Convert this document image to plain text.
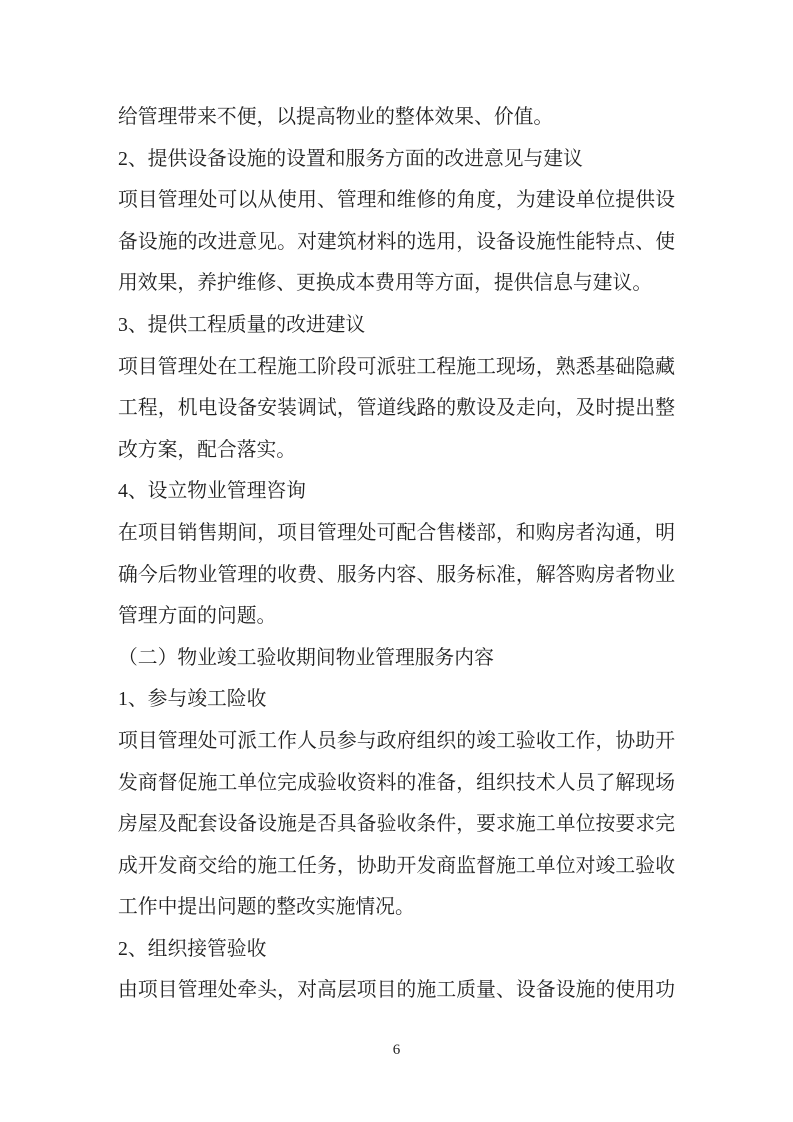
给管理带来不便，以提高物业的整体效果、价值。
2、提供设备设施的设置和服务方面的改进意见与建议
项目管理处可以从使用、管理和维修的角度，为建设单位提供设
备设施的改进意见。对建筑材料的选用，设备设施性能特点、使
用效果，养护维修、更换成本费用等方面，提供信息与建议。
3、提供工程质量的改进建议
项目管理处在工程施工阶段可派驻工程施工现场，熟悉基础隐藏
工程，机电设备安装调试，管道线路的敷设及走向，及时提出整
改方案，配合落实。
4、设立物业管理咨询
在项目销售期间，项目管理处可配合售楼部，和购房者沟通，明
确今后物业管理的收费、服务内容、服务标准，解答购房者物业
管理方面的问题。
（二）物业竣工验收期间物业管理服务内容
1、参与竣工险收
项目管理处可派工作人员参与政府组织的竣工验收工作，协助开
发商督促施工单位完成验收资料的准备，组织技术人员了解现场
房屋及配套设备设施是否具备验收条件，要求施工单位按要求完
成开发商交给的施工任务，协助开发商监督施工单位对竣工验收
工作中提出问题的整改实施情况。
2、组织接管验收
由项目管理处牵头，对高层项目的施工质量、设备设施的使用功
6
